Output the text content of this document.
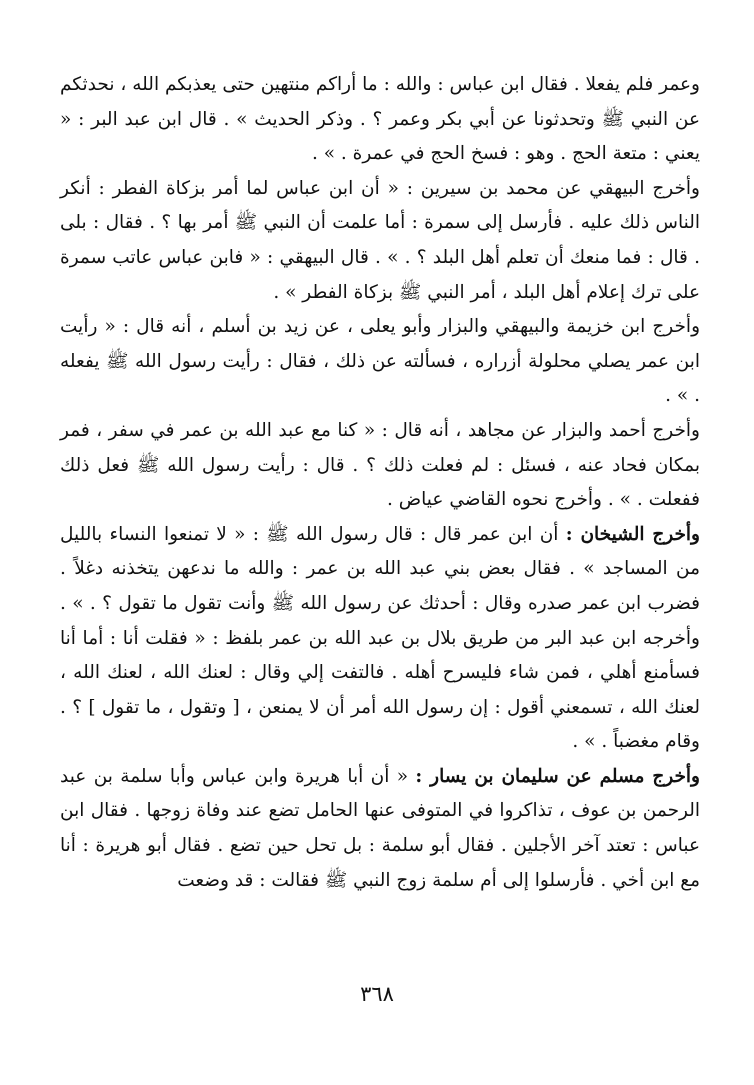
وعمر فلم يفعلا . فقال ابن عباس : والله : ما أراكم منتهين حتى يعذبكم الله ، نحدثكم عن النبي ﷺ وتحدثونا عن أبي بكر وعمر ؟ . وذكر الحديث » . قال ابن عبد البر : « يعني : متعة الحج . وهو : فسخ الحج في عمرة . » .

وأخرج البيهقي عن محمد بن سيرين : « أن ابن عباس لما أمر بزكاة الفطر : أنكر الناس ذلك عليه . فأرسل إلى سمرة : أما علمت أن النبي ﷺ أمر بها ؟ . فقال : بلى . قال : فما منعك أن تعلم أهل البلد ؟ . » . قال البيهقي : « فابن عباس عاتب سمرة على ترك إعلام أهل البلد ، أمر النبي ﷺ بزكاة الفطر » .

وأخرج ابن خزيمة والبيهقي والبزار وأبو يعلى ، عن زيد بن أسلم ، أنه قال : « رأيت ابن عمر يصلي محلولة أزراره ، فسألته عن ذلك ، فقال : رأيت رسول الله ﷺ يفعله . » .

وأخرج أحمد والبزار عن مجاهد ، أنه قال : « كنا مع عبد الله بن عمر في سفر ، فمر بمكان فحاد عنه ، فسئل : لم فعلت ذلك ؟ . قال : رأيت رسول الله ﷺ فعل ذلك ففعلت . » . وأخرج نحوه القاضي عياض .

وأخرج الشيخان : أن ابن عمر قال : قال رسول الله ﷺ : « لا تمنعوا النساء بالليل من المساجد » . فقال بعض بني عبد الله بن عمر : والله ما ندعهن يتخذنه دغلاً . فضرب ابن عمر صدره وقال : أحدثك عن رسول الله ﷺ وأنت تقول ما تقول ؟ . » . وأخرجه ابن عبد البر من طريق بلال بن عبد الله بن عمر بلفظ : « فقلت أنا : أما أنا فسأمنع أهلي ، فمن شاء فليسرح أهله . فالتفت إلي وقال : لعنك الله ، لعنك الله ، لعنك الله ، تسمعني أقول : إن رسول الله أمر أن لا يمنعن ، [ وتقول ، ما تقول ] ؟ . وقام مغضباً . » .

وأخرج مسلم عن سليمان بن يسار : « أن أبا هريرة وابن عباس وأبا سلمة بن عبد الرحمن بن عوف ، تذاكروا في المتوفى عنها الحامل تضع عند وفاة زوجها . فقال ابن عباس : تعتد آخر الأجلين . فقال أبو سلمة : بل تحل حين تضع . فقال أبو هريرة : أنا مع ابن أخي . فأرسلوا إلى أم سلمة زوج النبي ﷺ فقالت : قد وضعت

٣٦٨
